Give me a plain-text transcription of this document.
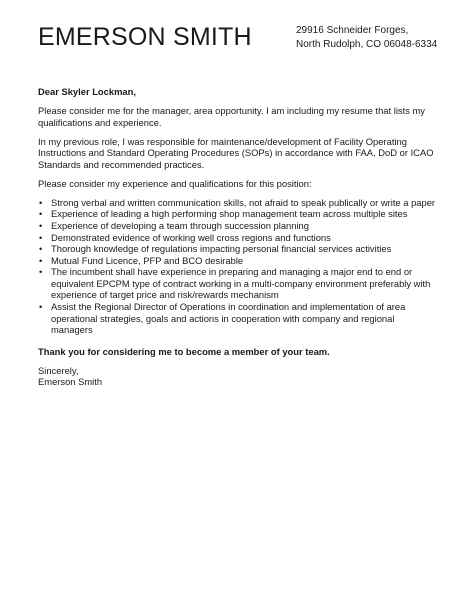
EMERSON SMITH	29916 Schneider Forges,
North Rudolph, CO 06048-6334

Dear Skyler Lockman,

Please consider me for the manager, area opportunity. I am including my resume that lists my qualifications and experience.

In my previous role, I was responsible for maintenance/development of Facility Operating Instructions and Standard Operating Procedures (SOPs) in accordance with FAA, DoD or ICAO Standards and recommended practices.

Please consider my experience and qualifications for this position:

• Strong verbal and written communication skills, not afraid to speak publically or write a paper
• Experience of leading a high performing shop management team across multiple sites
• Experience of developing a team through succession planning
• Demonstrated evidence of working well cross regions and functions
• Thorough knowledge of regulations impacting personal financial services activities
• Mutual Fund Licence, PFP and BCO desirable
• The incumbent shall have experience in preparing and managing a major end to end or equivalent EPCPM type of contract working in a multi-company environment preferably with experience of target price and risk/rewards mechanism
• Assist the Regional Director of Operations in coordination and implementation of area operational strategies, goals and actions in cooperation with company and regional managers

Thank you for considering me to become a member of your team.

Sincerely,

Emerson Smith
